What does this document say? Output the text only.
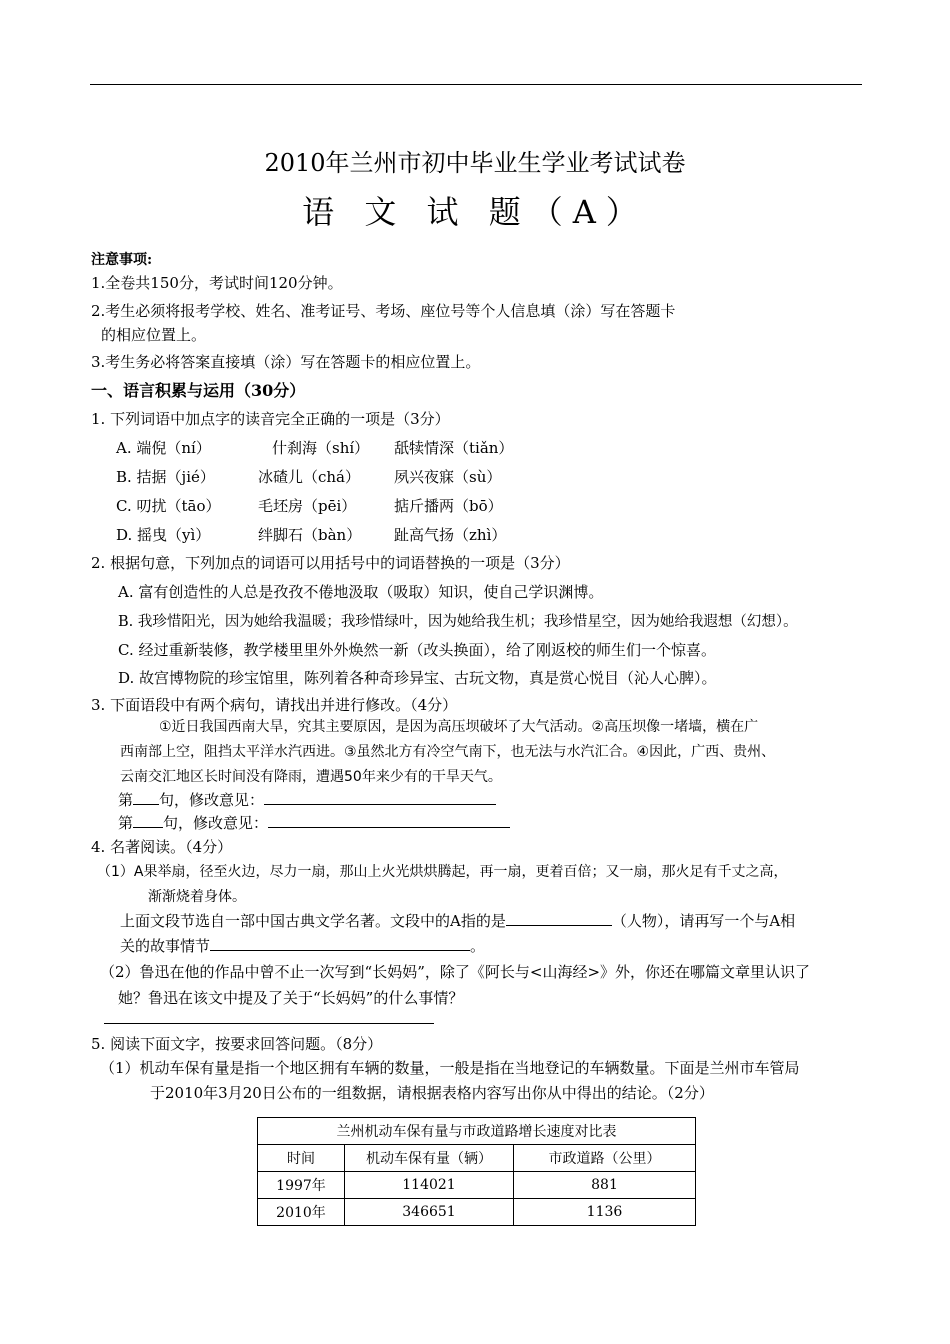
2010年兰州市初中毕业生学业考试试卷
语 文 试 题（A）
注意事项:
1.全卷共150分，考试时间120分钟。
2.考生必须将报考学校、姓名、准考证号、考场、座位号等个人信息填（涂）写在答题卡
的相应位置上。
3.考生务必将答案直接填（涂）写在答题卡的相应位置上。
一、语言积累与运用（30分）
1. 下列词语中加点字的读音完全正确的一项是（3分）
A. 端倪（ní）	什刹海（shí） 舐犊情深（tiǎn）
B. 拮据（jié）	冰碴儿（chá） 夙兴夜寐（sù）
C. 叨扰（tāo）	毛坯房（pēi）	掂斤播两（bō）
D. 摇曳（yì）	绊脚石（bàn） 趾高气扬（zhì）
2. 根据句意，下列加点的词语可以用括号中的词语替换的一项是（3分）
A. 富有创造性的人总是孜孜不倦地汲取（吸取）知识，使自己学识渊博。
B. 我珍惜阳光，因为她给我温暖；我珍惜绿叶，因为她给我生机；我珍惜星空，因为她给我遐想（幻想）。
C. 经过重新装修，教学楼里里外外焕然一新（改头换面），给了刚返校的师生们一个惊喜。
D. 故宫博物院的珍宝馆里，陈列着各种奇珍异宝、古玩文物，真是赏心悦目（沁人心脾）。
3. 下面语段中有两个病句，请找出并进行修改。（4分）
①近日我国西南大旱，究其主要原因，是因为高压坝破坏了大气活动。②高压坝像一堵墙，横在广
西南部上空，阻挡太平洋水汽西进。③虽然北方有冷空气南下，也无法与水汽汇合。④因此，广西、贵州、
云南交汇地区长时间没有降雨，遭遇50年来少有的干旱天气。
第 句，修改意见：
第 句，修改意见：
4. 名著阅读。（4分）
（1）A果举扇，径至火边，尽力一扇，那山上火光烘烘腾起，再一扇，更着百倍；又一扇，那火足有千丈之高，
渐渐烧着身体。
上面文段节选自一部中国古典文学名著。文段中的A指的是	（人物），请再写一个与A相
关的故事情节	。
（2）鲁迅在他的作品中曾不止一次写到“长妈妈”，除了《阿长与<山海经>》外，你还在哪篇文章里认识了
她？鲁迅在该文中提及了关于“长妈妈”的什么事情？
5. 阅读下面文字，按要求回答问题。（8分）
（1）机动车保有量是指一个地区拥有车辆的数量，一般是指在当地登记的车辆数量。下面是兰州市车管局
于2010年3月20日公布的一组数据，请根据表格内容写出你从中得出的结论。（2分）
兰州机动车保有量与市政道路增长速度对比表		
时间	机动车保有量（辆）	市政道路（公里）
1997年	114021	881
2010年	346651	1136
